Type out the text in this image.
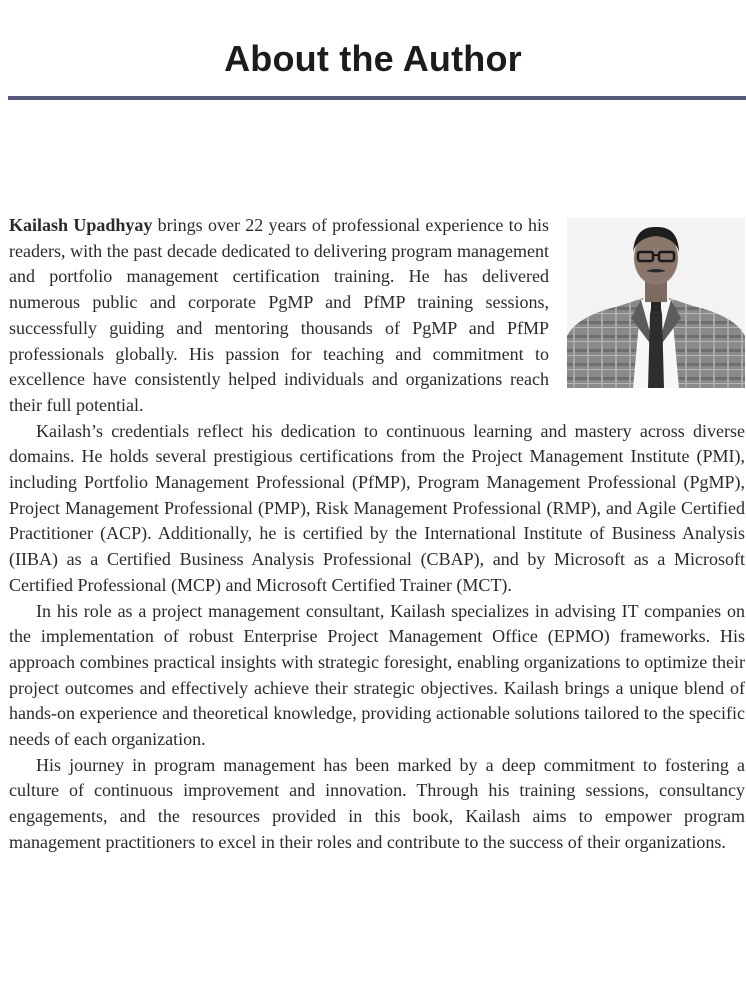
About the Author

Kailash Upadhyay brings over 22 years of professional experience to his readers, with the past decade dedicated to delivering program management and portfolio management certification training. He has delivered numerous public and corporate PgMP and PfMP training sessions, successfully guiding and mentoring thousands of PgMP and PfMP professionals globally. His passion for teaching and commitment to excellence have consistently helped individuals and organizations reach their full potential.

Kailash’s credentials reflect his dedication to continuous learning and mastery across diverse domains. He holds several prestigious certifications from the Project Management Institute (PMI), including Portfolio Management Professional (PfMP), Program Management Professional (PgMP), Project Management Professional (PMP), Risk Management Professional (RMP), and Agile Certified Practitioner (ACP). Additionally, he is certified by the International Institute of Business Analysis (IIBA) as a Certified Business Analysis Professional (CBAP), and by Microsoft as a Microsoft Certified Professional (MCP) and Microsoft Certified Trainer (MCT).

In his role as a project management consultant, Kailash specializes in advising IT companies on the implementation of robust Enterprise Project Management Office (EPMO) frameworks. His approach combines practical insights with strategic foresight, enabling organizations to optimize their project outcomes and effectively achieve their strategic objectives. Kailash brings a unique blend of hands-on experience and theoretical knowledge, providing actionable solutions tailored to the specific needs of each organization.

His journey in program management has been marked by a deep commitment to fostering a culture of continuous improvement and innovation. Through his training sessions, consultancy engagements, and the resources provided in this book, Kailash aims to empower program management practitioners to excel in their roles and contribute to the success of their organizations.
